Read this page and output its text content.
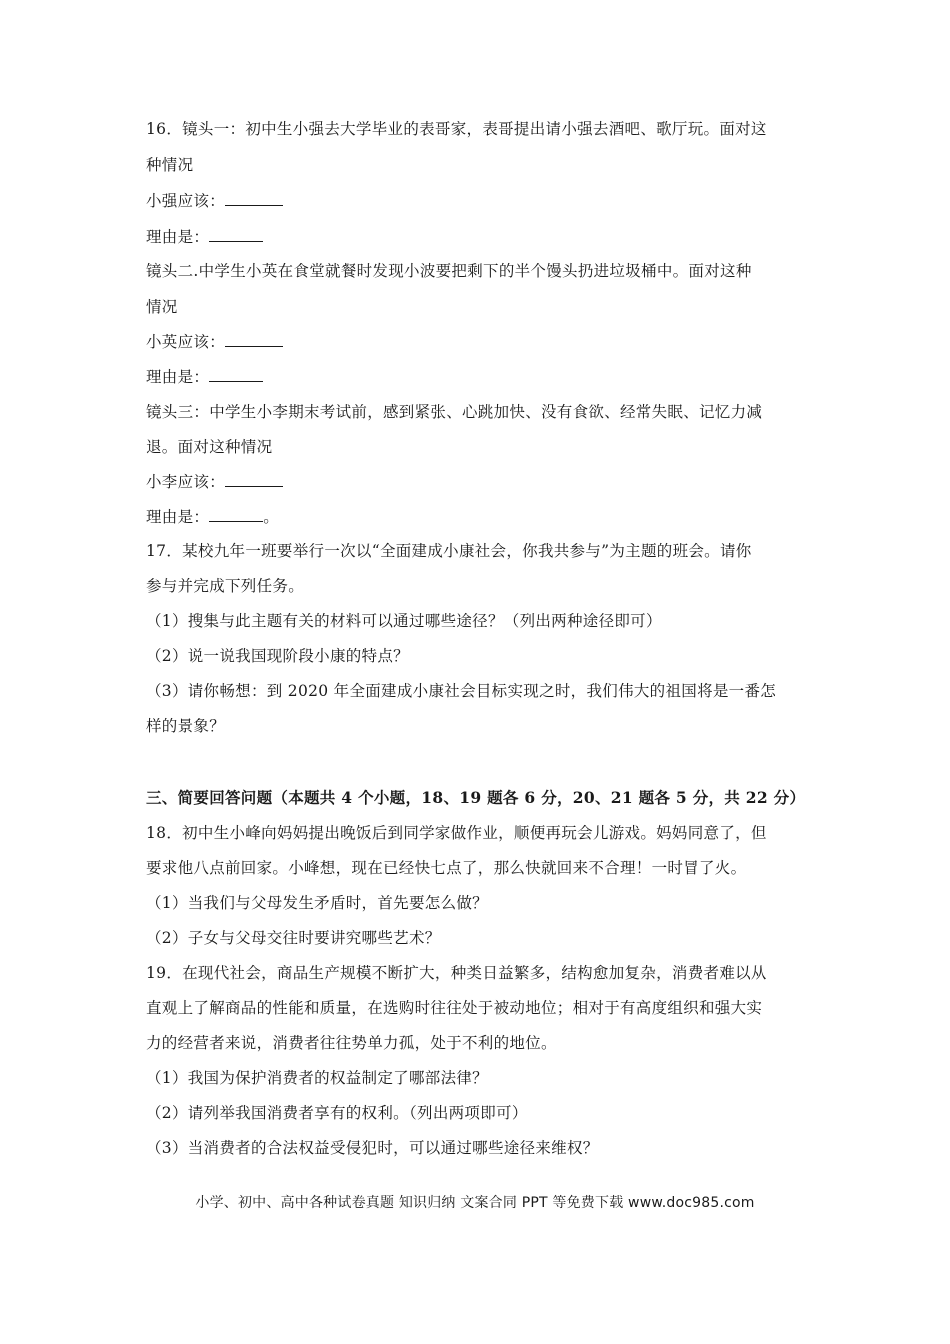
16．镜头一：初中生小强去大学毕业的表哥家，表哥提出请小强去酒吧、歌厅玩。面对这
种情况
小强应该：
理由是：
镜头二.中学生小英在食堂就餐时发现小波要把剩下的半个馒头扔进垃圾桶中。面对这种
情况
小英应该：
理由是：
镜头三：中学生小李期末考试前，感到紧张、心跳加快、没有食欲、经常失眠、记忆力减
退。面对这种情况
小李应该：
理由是：	。
17．某校九年一班要举行一次以“全面建成小康社会，你我共参与”为主题的班会。请你
参与并完成下列任务。
（1）搜集与此主题有关的材料可以通过哪些途径？（列出两种途径即可）
（2）说一说我国现阶段小康的特点？
（3）请你畅想：到 2020 年全面建成小康社会目标实现之时，我们伟大的祖国将是一番怎
样的景象？
三、简要回答问题（本题共 4 个小题，18、19 题各 6 分，20、21 题各 5 分，共 22 分）
18．初中生小峰向妈妈提出晚饭后到同学家做作业，顺便再玩会儿游戏。妈妈同意了，但
要求他八点前回家。小峰想，现在已经快七点了，那么快就回来不合理！一时冒了火。
（1）当我们与父母发生矛盾时，首先要怎么做？
（2）子女与父母交往时要讲究哪些艺术？
19．在现代社会，商品生产规模不断扩大，种类日益繁多，结构愈加复杂，消费者难以从
直观上了解商品的性能和质量，在选购时往往处于被动地位；相对于有高度组织和强大实
力的经营者来说，消费者往往势单力孤，处于不利的地位。
（1）我国为保护消费者的权益制定了哪部法律？
（2）请列举我国消费者享有的权利。（列出两项即可）
（3）当消费者的合法权益受侵犯时，可以通过哪些途径来维权？
小学、初中、高中各种试卷真题 知识归纳 文案合同 PPT 等免费下载 www.doc985.com
